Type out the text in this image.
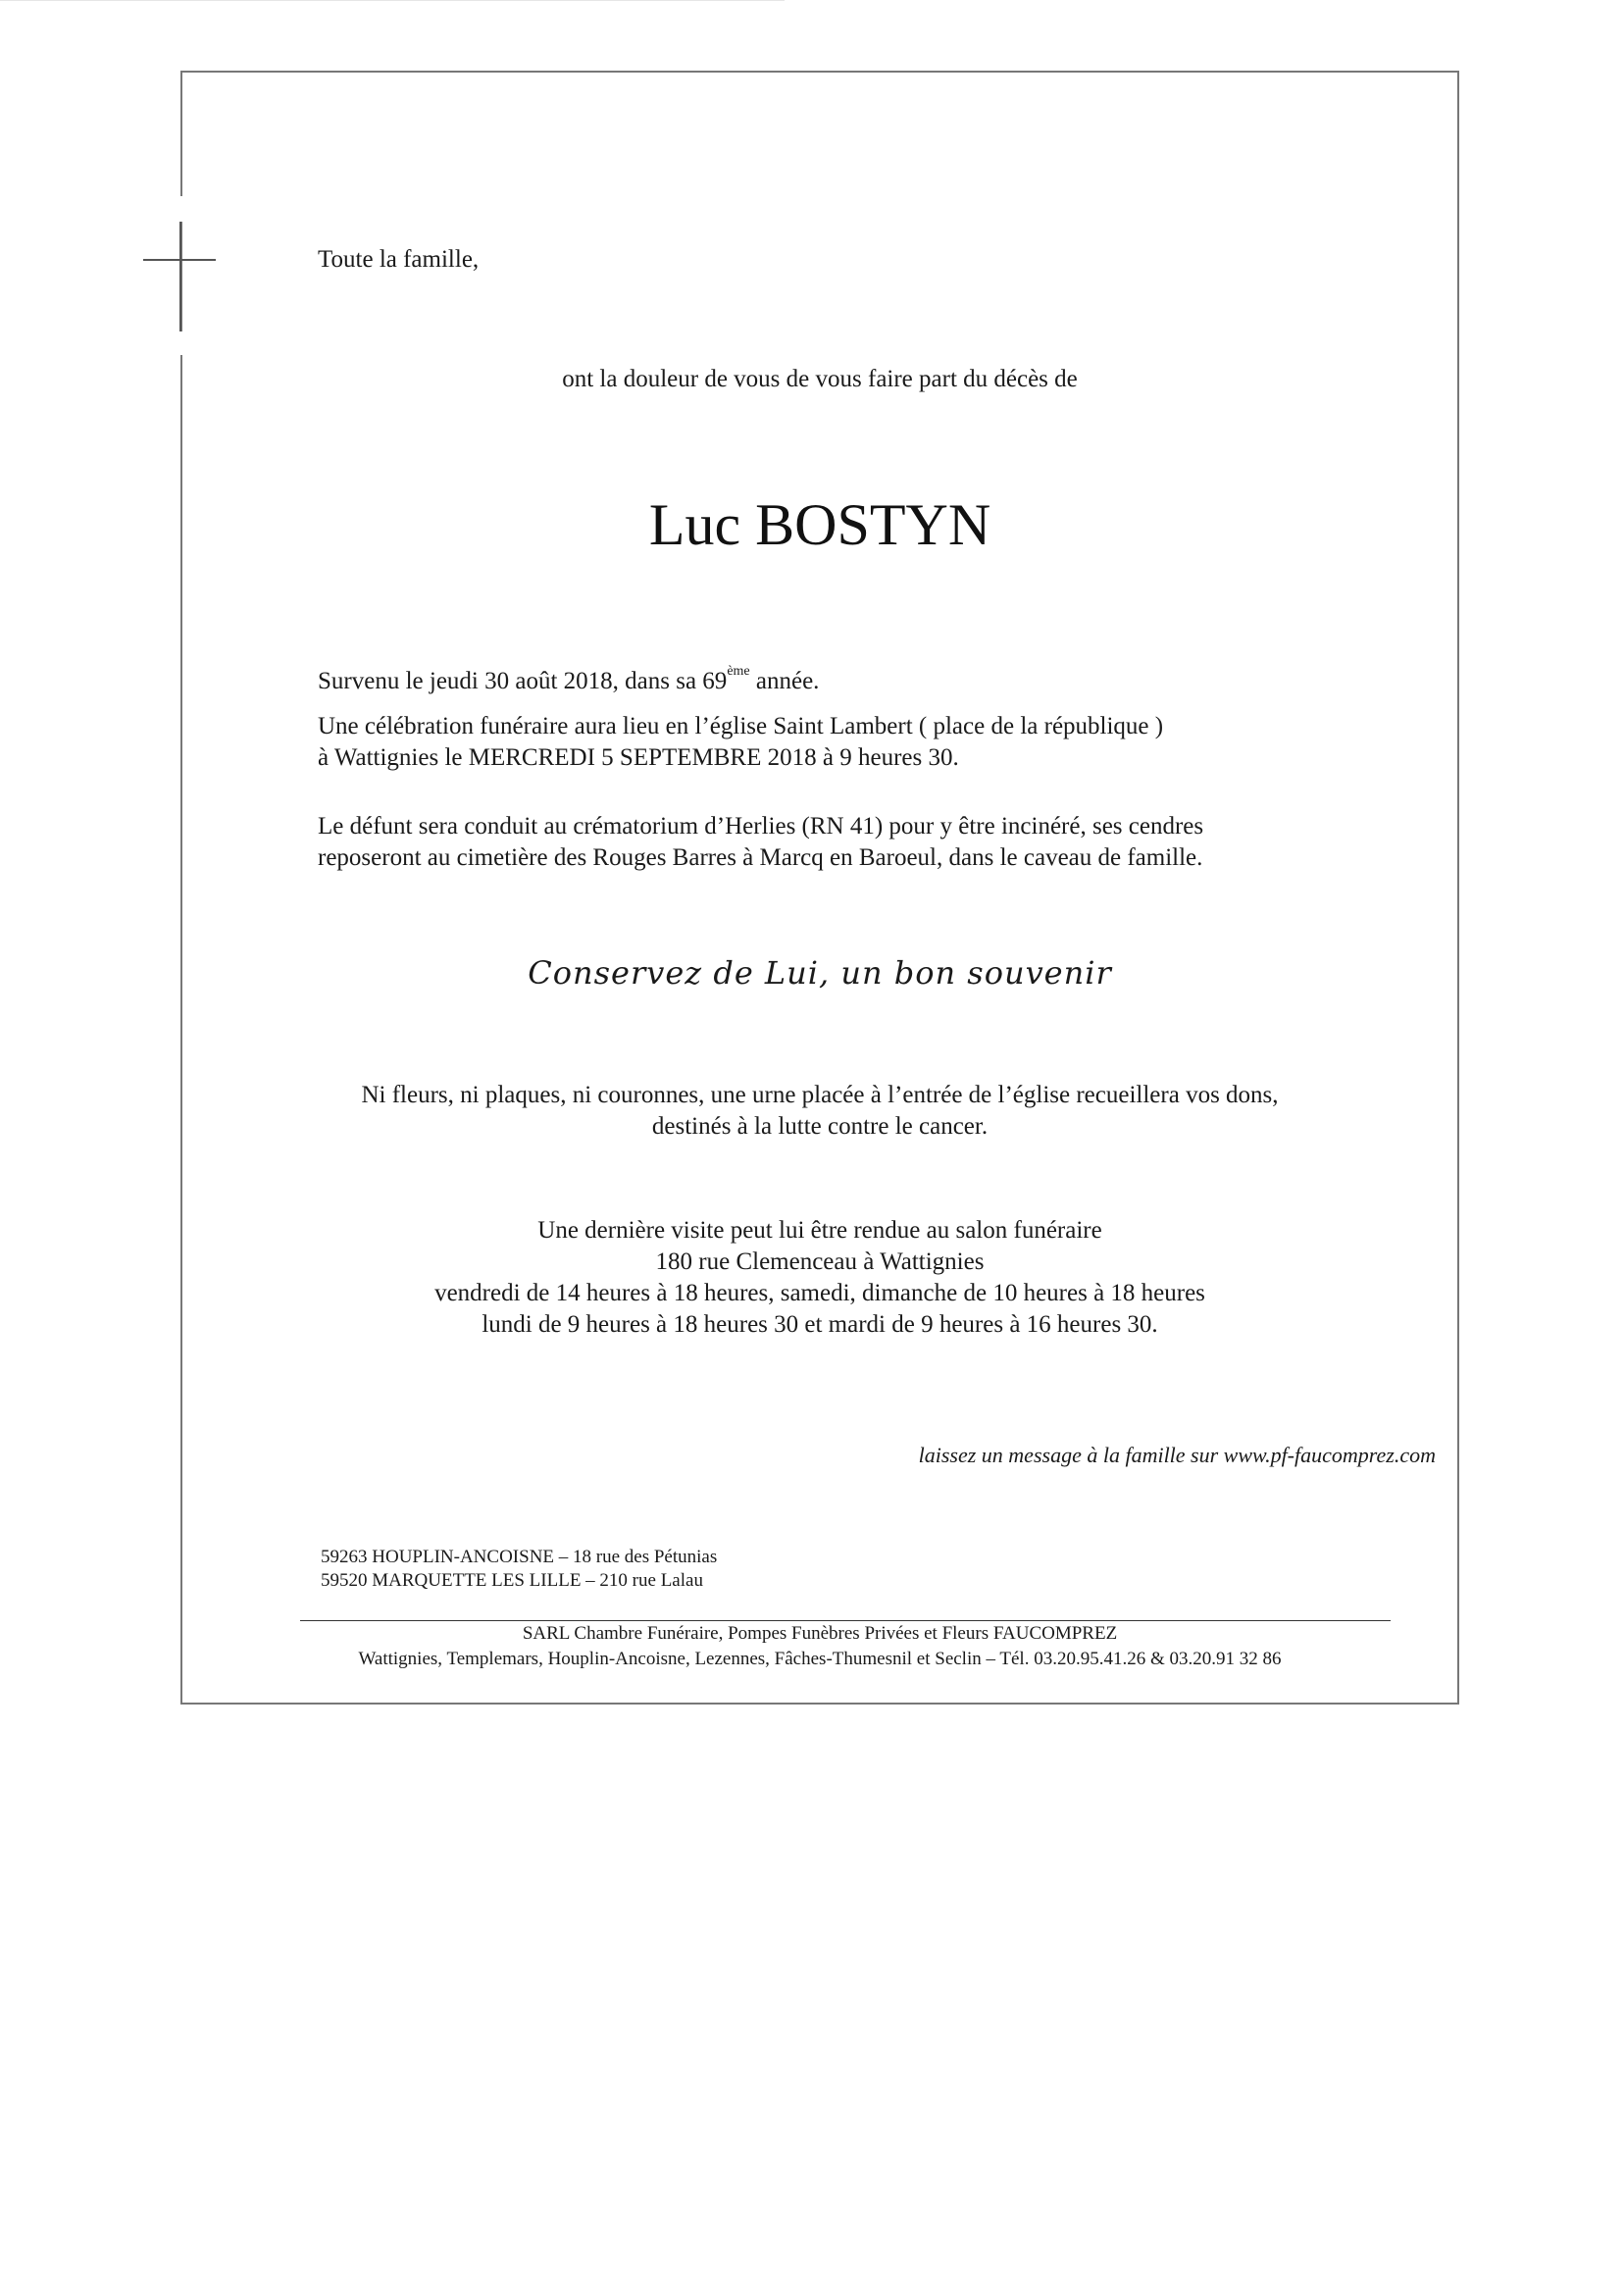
Toute la famille,
ont la douleur de vous de vous faire part du décès de
Luc BOSTYN
Survenu le jeudi 30 août 2018, dans sa 69ème année.
Une célébration funéraire aura lieu en l’église Saint Lambert ( place de la république )
à Wattignies le MERCREDI 5 SEPTEMBRE 2018 à 9 heures 30.
Le défunt sera conduit au crématorium d’Herlies (RN 41) pour y être incinéré, ses cendres
reposeront au cimetière des Rouges Barres à Marcq en Baroeul, dans le caveau de famille.
Conservez de Lui, un bon souvenir
Ni fleurs, ni plaques, ni couronnes, une urne placée à l’entrée de l’église recueillera vos dons,
destinés à la lutte contre le cancer.
Une dernière visite peut lui être rendue au salon funéraire
180 rue Clemenceau à Wattignies
vendredi de 14 heures à 18 heures, samedi, dimanche de 10 heures à 18 heures
lundi de 9 heures à 18 heures 30 et mardi de 9 heures à 16 heures 30.
laissez un message à la famille sur www.pf-faucomprez.com
59263 HOUPLIN-ANCOISNE – 18 rue des Pétunias
59520 MARQUETTE LES LILLE – 210 rue Lalau
SARL Chambre Funéraire, Pompes Funèbres Privées et Fleurs FAUCOMPREZ
Wattignies, Templemars, Houplin-Ancoisne, Lezennes, Fâches-Thumesnil et Seclin – Tél. 03.20.95.41.26 & 03.20.91 32 86
